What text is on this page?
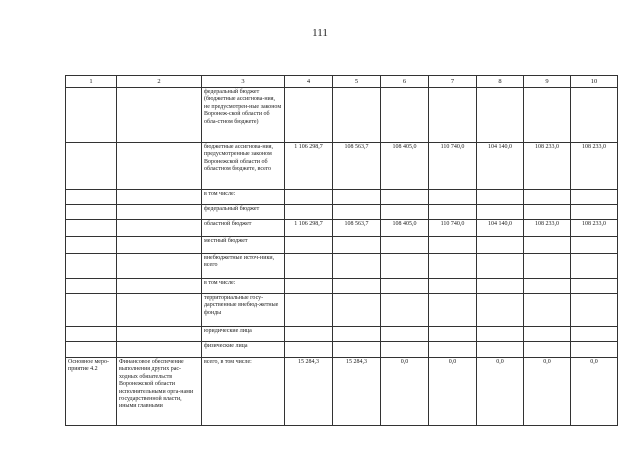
111
1	2	3	4	5	6	7	8	9	10
		федеральный бюджет (бюджетные ассигнова-ния, не предусмотрен-ные законом Воронеж-ской области об обла-стном бюджете)							
		бюджетные ассигнова-ния, предусмотренные законом Воронежской области об областном бюджете, всего	1 106 298,7	108 563,7	108 405,0	110 740,0	104 140,0	108 233,0	108 233,0
		в том числе:							
		федеральный бюджет							
		областной бюджет	1 106 298,7	108 563,7	108 405,0	110 740,0	104 140,0	108 233,0	108 233,0
		местный бюджет							
		внебюджетные источ-ники, всего							
		в том числе:							
		территориальные госу-дарственные внебюд-жетные фонды							
		юридические лица							
		физические лица							
Основное меро-приятие 4.2	Финансовое обеспечение выполнения других рас-ходных обязательств Воронежской области исполнительными орга-нами государственной власти, иными главными	всего, в том числе:	15 284,3	15 284,3	0,0	0,0	0,0	0,0	0,0
